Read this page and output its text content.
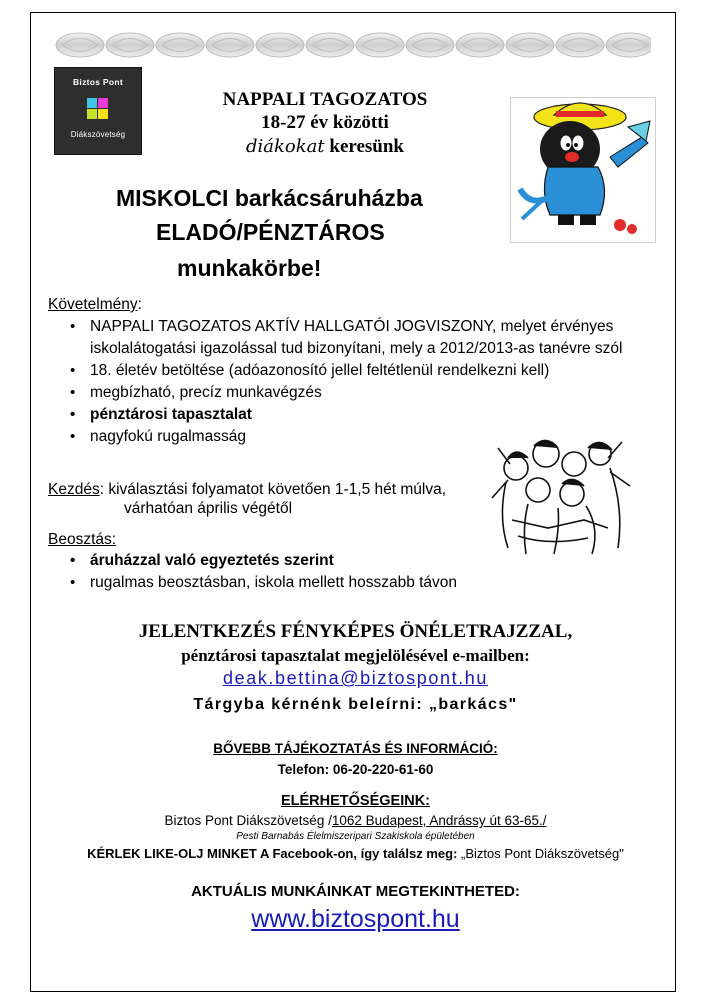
Biztos Pont
Diákszövetség
NAPPALI TAGOZATOS
18-27 év közötti
diákokat keresünk
MISKOLCI barkácsáruházba
ELADÓ/PÉNZTÁROS
munkakörbe!
Követelmény:
• NAPPALI TAGOZATOS AKTÍV HALLGATÓI JOGVISZONY, melyet érvényes iskolalátogatási igazolással tud bizonyítani, mely a 2012/2013-as tanévre szól
• 18. életév betöltése (adóazonosító jellel feltétlenül rendelkezni kell)
• megbízható, precíz munkavégzés
• pénztárosi tapasztalat
• nagyfokú rugalmasság
Kezdés: kiválasztási folyamatot követően 1-1,5 hét múlva,
várhatóan április végétől
Beosztás:
• áruházzal való egyeztetés szerint
• rugalmas beosztásban, iskola mellett hosszabb távon
JELENTKEZÉS FÉNYKÉPES ÖNÉLETRAJZZAL,
pénztárosi tapasztalat megjelölésével e-mailben:
deak.bettina@biztospont.hu
Tárgyba kérnénk beleírni: „barkács"
BŐVEBB TÁJÉKOZTATÁS ÉS INFORMÁCIÓ:
Telefon: 06-20-220-61-60
ELÉRHETŐSÉGEINK:
Biztos Pont Diákszövetség /1062 Budapest, Andrássy út 63-65./
Pesti Barnabás Élelmiszeripari Szakiskola épületében
KÉRLEK LIKE-OLJ MINKET A Facebook-on, így találsz meg: „Biztos Pont Diákszövetség"
AKTUÁLIS MUNKÁINKAT MEGTEKINTHETED:
www.biztospont.hu
